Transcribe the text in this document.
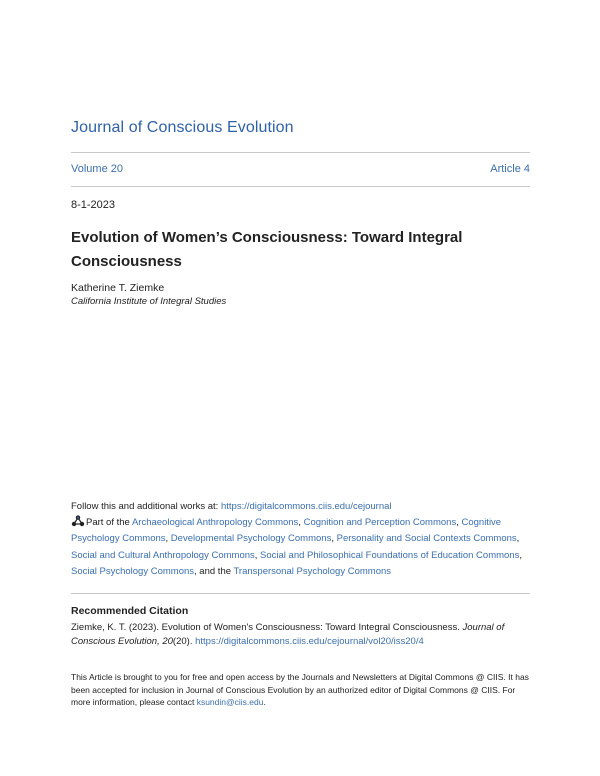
Journal of Conscious Evolution
Volume 20	Article 4
8-1-2023
Evolution of Women’s Consciousness: Toward Integral Consciousness
Katherine T. Ziemke
California Institute of Integral Studies
Follow this and additional works at: https://digitalcommons.ciis.edu/cejournal
Part of the Archaeological Anthropology Commons, Cognition and Perception Commons, Cognitive Psychology Commons, Developmental Psychology Commons, Personality and Social Contexts Commons, Social and Cultural Anthropology Commons, Social and Philosophical Foundations of Education Commons, Social Psychology Commons, and the Transpersonal Psychology Commons
Recommended Citation
Ziemke, K. T. (2023). Evolution of Women's Consciousness: Toward Integral Consciousness. Journal of Conscious Evolution, 20(20). https://digitalcommons.ciis.edu/cejournal/vol20/iss20/4
This Article is brought to you for free and open access by the Journals and Newsletters at Digital Commons @ CIIS. It has been accepted for inclusion in Journal of Conscious Evolution by an authorized editor of Digital Commons @ CIIS. For more information, please contact ksundin@ciis.edu.
